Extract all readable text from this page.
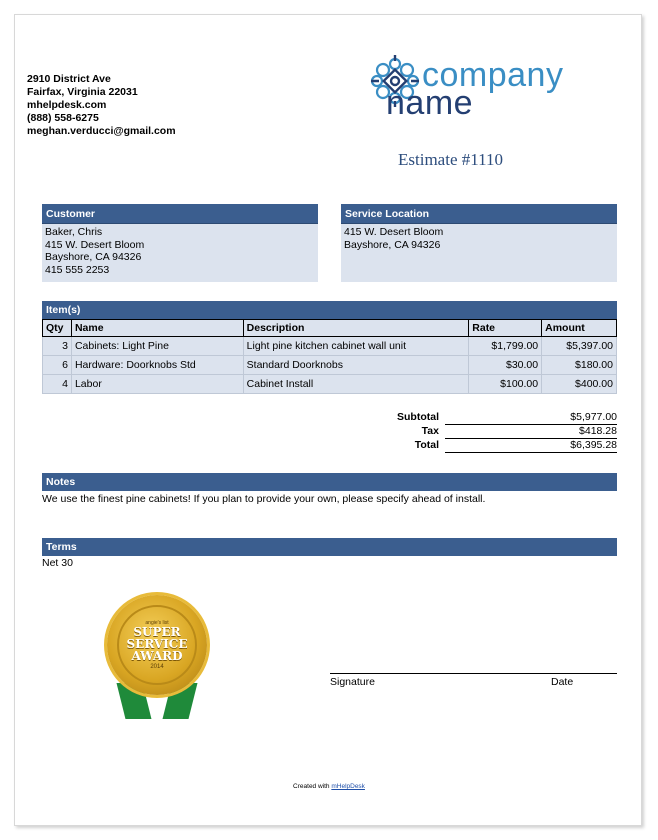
2910 District Ave
Fairfax, Virginia 22031
mhelpdesk.com
(888) 558-6275
meghan.verducci@gmail.com
company
name
Estimate #1110
Customer
Baker, Chris
415 W. Desert Bloom
Bayshore, CA 94326
415 555 2253
Service Location
415 W. Desert Bloom
Bayshore, CA 94326
Item(s)
Qty	Name	Description	Rate	Amount
3	Cabinets: Light Pine	Light pine kitchen cabinet wall unit	$1,799.00	$5,397.00
6	Hardware: Doorknobs Std	Standard Doorknobs	$30.00	$180.00
4	Labor	Cabinet Install	$100.00	$400.00
Subtotal	$5,977.00
Tax	$418.28
Total	$6,395.28
Notes
We use the finest pine cabinets! If you plan to provide your own, please specify ahead of install.
Terms
Net 30
angie's list
SUPER
SERVICE
AWARD
2014
Signature	Date
Created with mHelpDesk
